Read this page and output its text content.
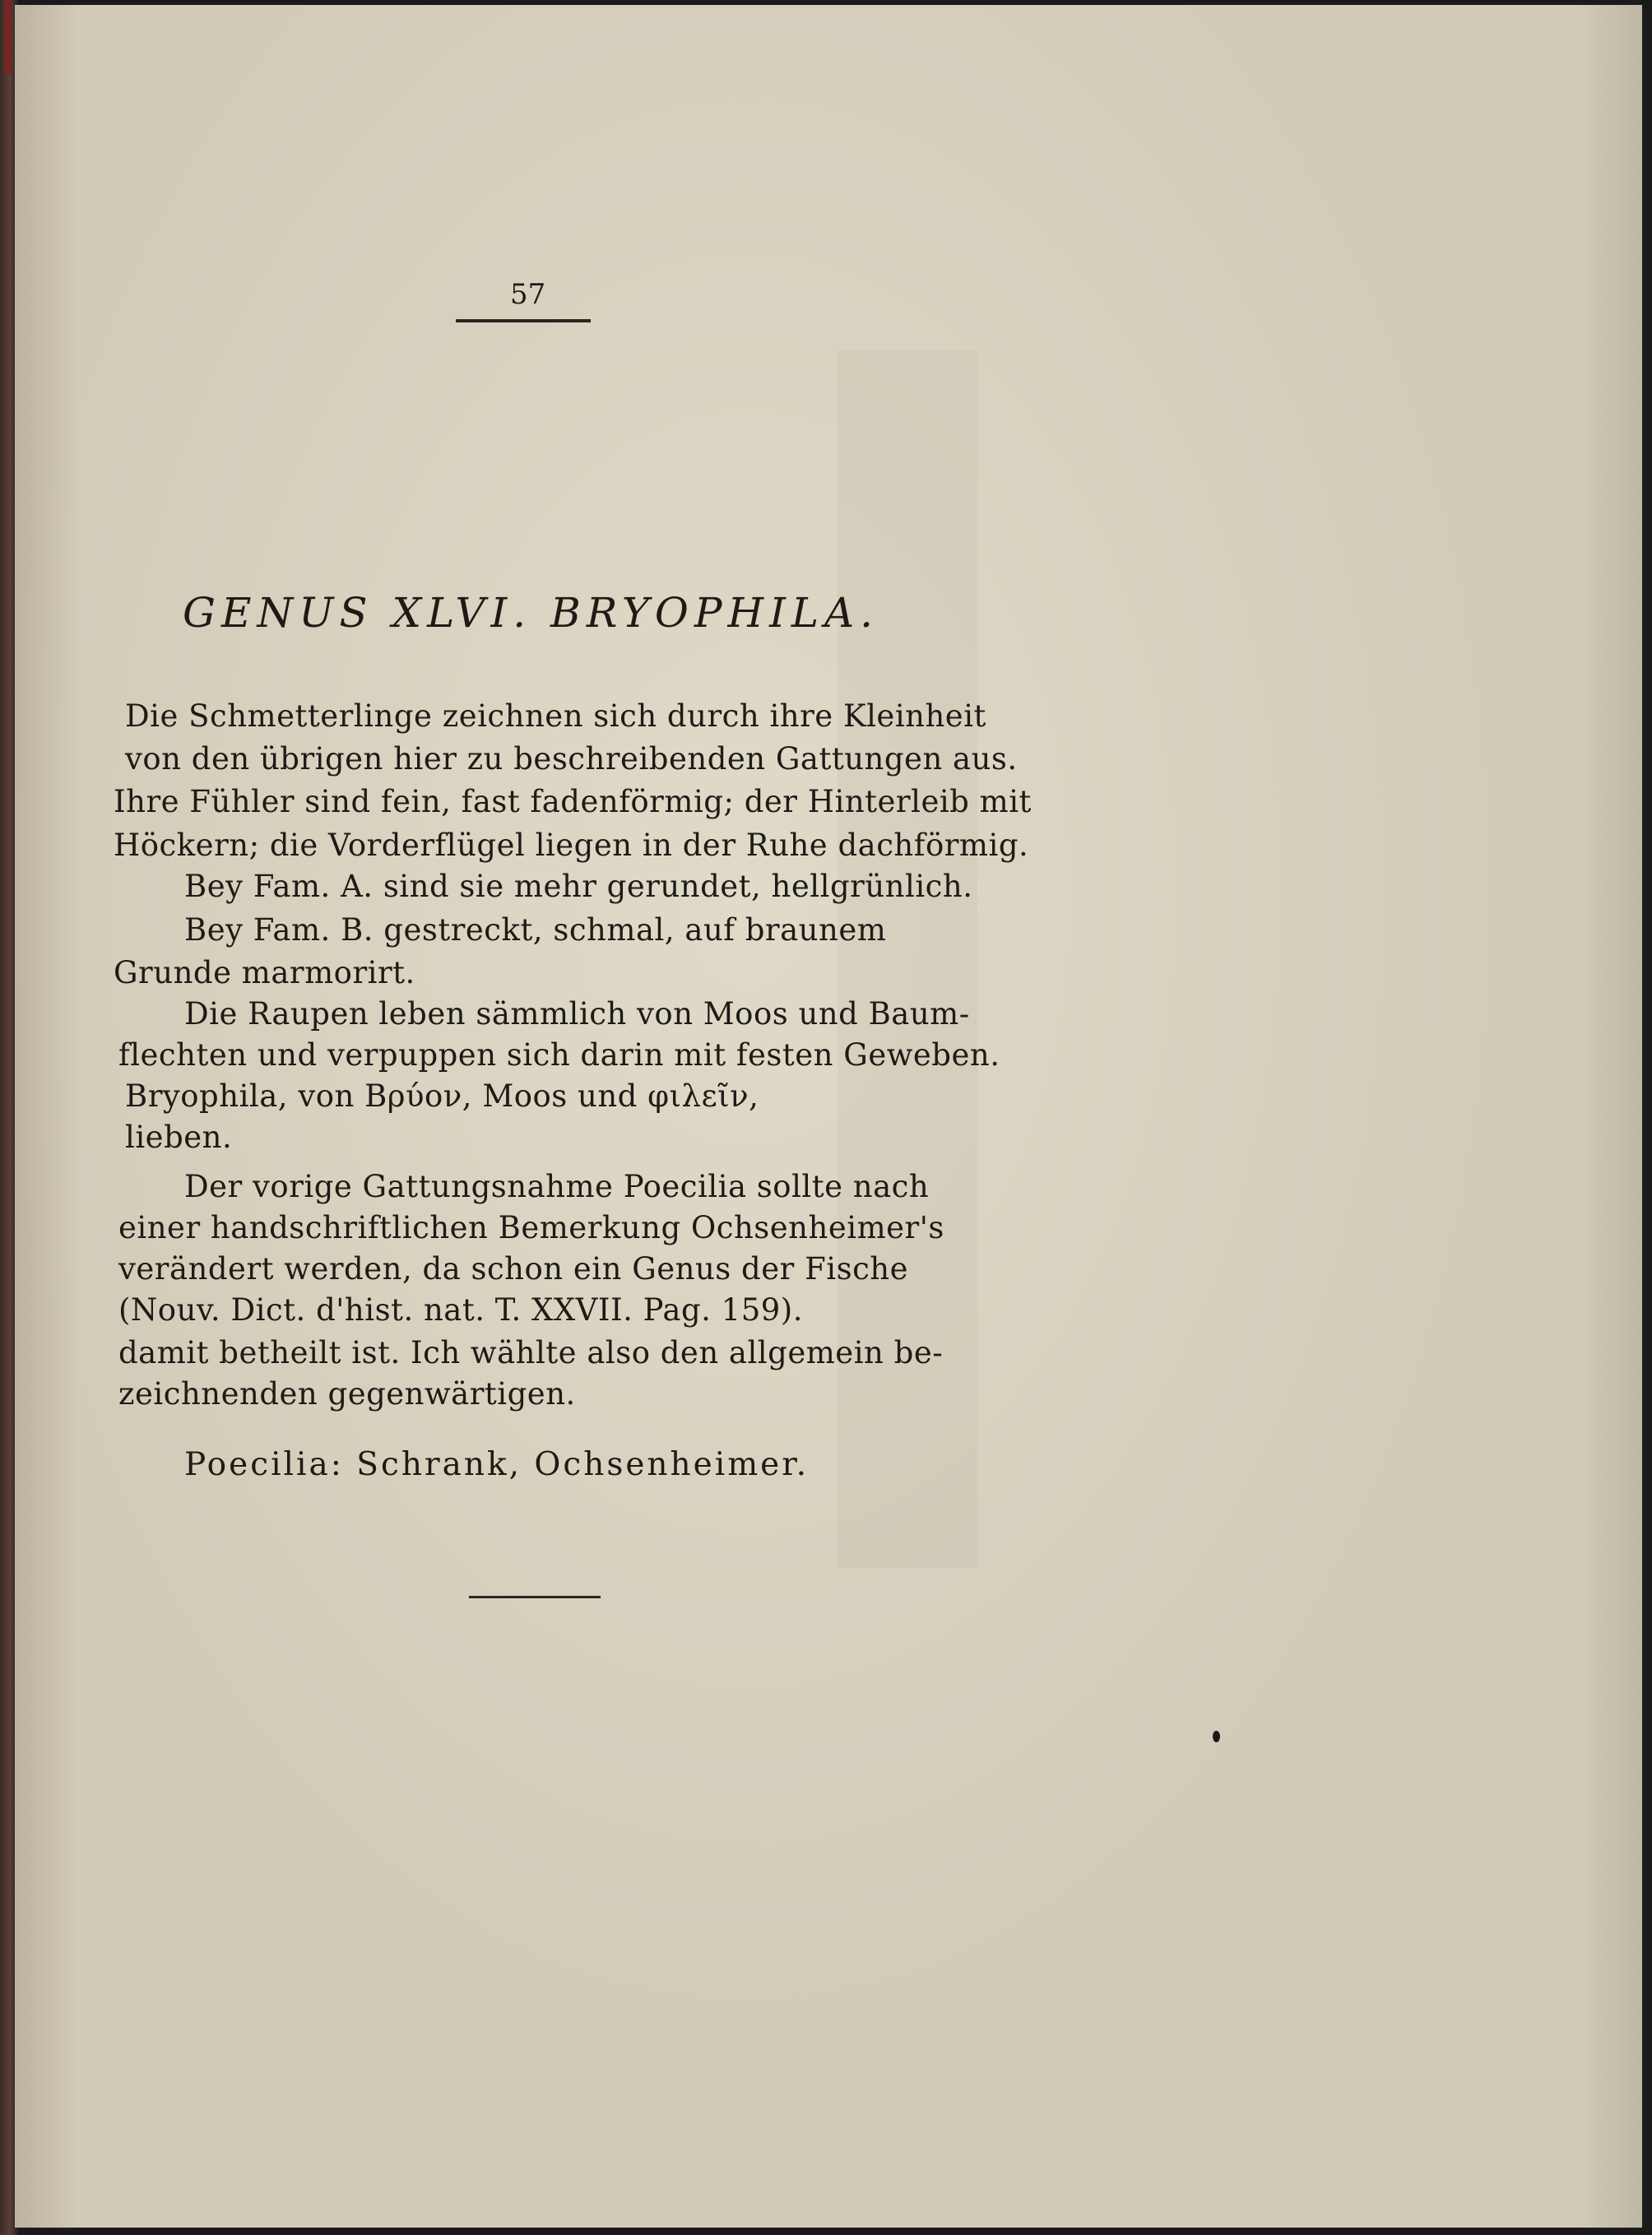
57

GENUS XLVI. BRYOPHILA.

Die Schmetterlinge zeichnen sich durch ihre Kleinheit

von den übrigen hier zu beschreibenden Gattungen aus.

Ihre Fühler sind fein, fast fadenförmig; der Hinterleib mit

Höckern; die Vorderflügel liegen in der Ruhe dachförmig.

Bey Fam. A. sind sie mehr gerundet, hellgrünlich.

Bey Fam. B. gestreckt, schmal, auf braunem

Grunde marmorirt.

Die Raupen leben sämmlich von Moos und Baum-

flechten und verpuppen sich darin mit festen Geweben.

Bryophila, von Βρύον, Moos und φιλεῖν,

lieben.

Der vorige Gattungsnahme Poecilia sollte nach

einer handschriftlichen Bemerkung Ochsenheimer's

verändert werden, da schon ein Genus der Fische

(Nouv. Dict. d'hist. nat. T. XXVII. Pag. 159).

damit betheilt ist. Ich wählte also den allgemein be-

zeichnenden gegenwärtigen.

Poecilia: Schrank, Ochsenheimer.
